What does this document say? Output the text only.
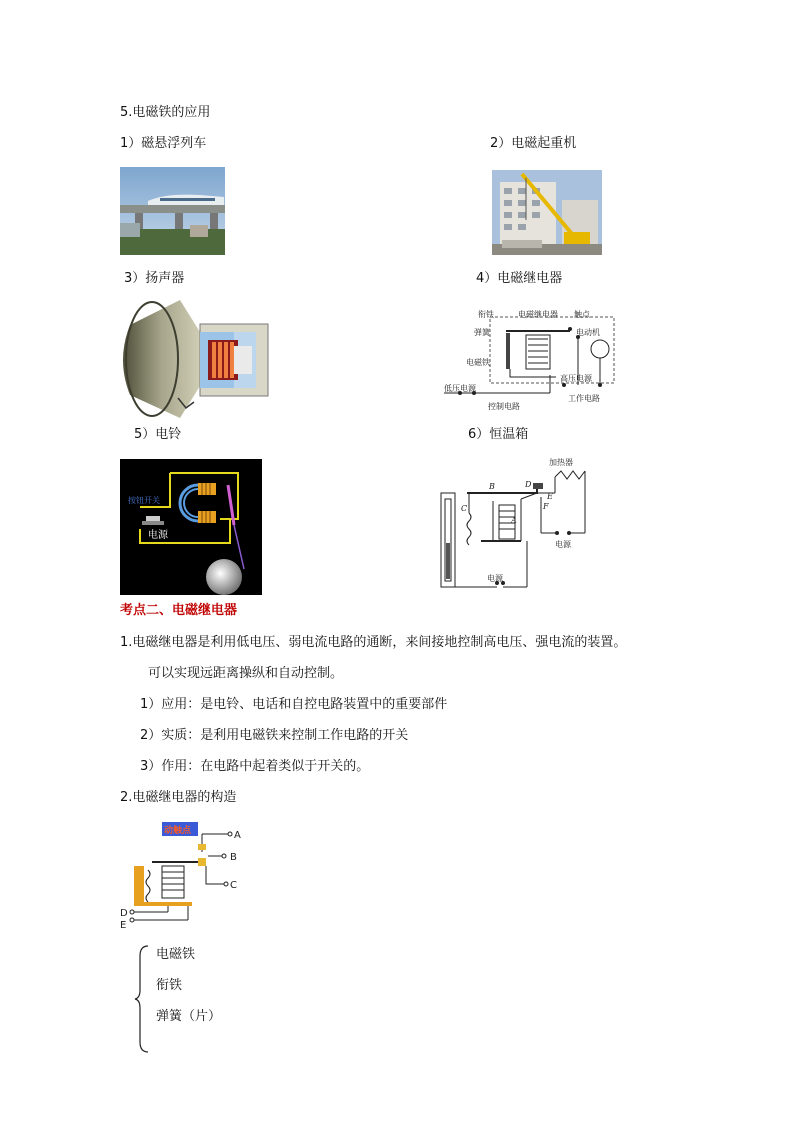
5.电磁铁的应用
1）磁悬浮列车	2）电磁起重机
3）扬声器	4）电磁继电器
衔铁	电磁继电器 触点
弹簧
电磁铁
电动机
高压电源
低压电源
控制电路
工作电路
5）电铃	6）恒温箱
按钮开关
电源
加热器
B
C
A
D
E
F
电源
电源
考点二、电磁继电器
1.电磁继电器是利用低电压、弱电流电路的通断，来间接地控制高电压、强电流的装置。
可以实现远距离操纵和自动控制。
1）应用：是电铃、电话和自控电路装置中的重要部件
2）实质：是利用电磁铁来控制工作电路的开关
3）作用：在电路中起着类似于开关的。
2.电磁继电器的构造
动触点	A
B
C
D
E
电磁铁
衔铁
弹簧（片）
